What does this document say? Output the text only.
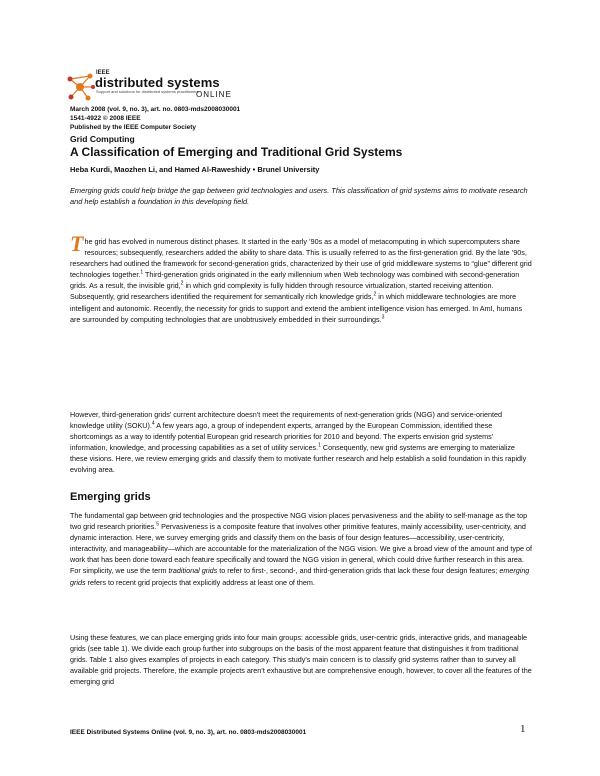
IEEE
distributed systems
Support and solutions for distributed systems practitioners
ONLINE
March 2008 (vol. 9, no. 3), art. no. 0803-mds2008030001
1541-4922 © 2008 IEEE
Published by the IEEE Computer Society
Grid Computing
A Classification of Emerging and Traditional Grid Systems
Heba Kurdi, Maozhen Li, and Hamed Al-Raweshidy • Brunel University
Emerging grids could help bridge the gap between grid technologies and users. This classification of grid systems aims to motivate research and help establish a foundation in this developing field.
The grid has evolved in numerous distinct phases. It started in the early ’90s as a model of metacomputing in which supercomputers share resources; subsequently, researchers added the ability to share data. This is usually referred to as the first-generation grid. By the late ’90s, researchers had outlined the framework for second-generation grids, characterized by their use of grid middleware systems to “glue” different grid technologies together.$^1$ Third-generation grids originated in the early millennium when Web technology was combined with second-generation grids. As a result, the invisible grid,$^2$ in which grid complexity is fully hidden through resource virtualization, started receiving attention. Subsequently, grid researchers identified the requirement for semantically rich knowledge grids,$^2$ in which middleware technologies are more intelligent and autonomic. Recently, the necessity for grids to support and extend the ambient intelligence vision has emerged. In AmI, humans are surrounded by computing technologies that are unobtrusively embedded in their surroundings.$^3$
However, third-generation grids’ current architecture doesn’t meet the requirements of next-generation grids (NGG) and service-oriented knowledge utility (SOKU).$^4$ A few years ago, a group of independent experts, arranged by the European Commission, identified these shortcomings as a way to identify potential European grid research priorities for 2010 and beyond. The experts envision grid systems’ information, knowledge, and processing capabilities as a set of utility services.$^1$ Consequently, new grid systems are emerging to materialize these visions. Here, we review emerging grids and classify them to motivate further research and help establish a solid foundation in this rapidly evolving area.
Emerging grids
The fundamental gap between grid technologies and the prospective NGG vision places pervasiveness and the ability to self-manage as the top two grid research priorities.$^5$ Pervasiveness is a composite feature that involves other primitive features, mainly accessibility, user-centricity, and dynamic interaction. Here, we survey emerging grids and classify them on the basis of four design features—accessibility, user-centricity, interactivity, and manageability—which are accountable for the materialization of the NGG vision. We give a broad view of the amount and type of work that has been done toward each feature specifically and toward the NGG vision in general, which could drive further research in this area. For simplicity, we use the term traditional grids to refer to first-, second-, and third-generation grids that lack these four design features; emerging grids refers to recent grid projects that explicitly address at least one of them.
Using these features, we can place emerging grids into four main groups: accessible grids, user-centric grids, interactive grids, and manageable grids (see table 1). We divide each group further into subgroups on the basis of the most apparent feature that distinguishes it from traditional grids. Table 1 also gives examples of projects in each category. This study’s main concern is to classify grid systems rather than to survey all available grid projects. Therefore, the example projects aren’t exhaustive but are comprehensive enough, however, to cover all the features of the emerging grid
IEEE Distributed Systems Online (vol. 9, no. 3), art. no. 0803-mds2008030001	1
